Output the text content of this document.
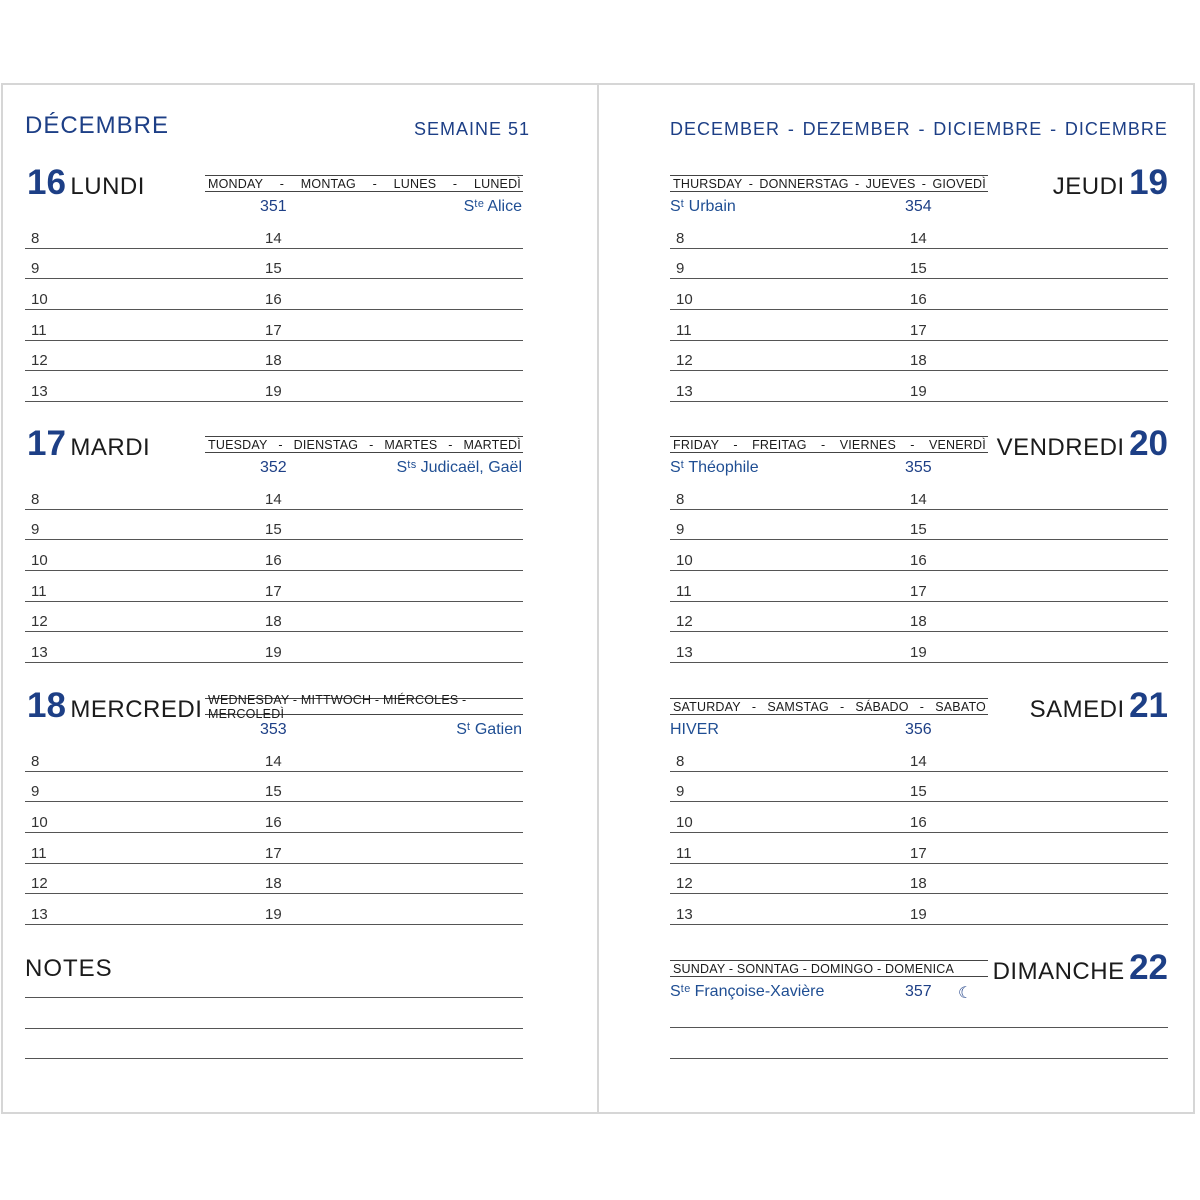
DÉCEMBRE	SEMAINE 51	DECEMBER - DEZEMBER - DICIEMBRE - DICEMBRE
16 LUNDI	MONDAY - MONTAG - LUNES - LUNEDÌ
351	Sᵗᵉ Alice
8	14
9	15
10	16
11	17
12	18
13	19
17 MARDI	TUESDAY - DIENSTAG - MARTES - MARTEDÌ
352	Sᵗˢ Judicaël, Gaël
8	14
9	15
10	16
11	17
12	18
13	19
18 MERCREDI WEDNESDAY - MITTWOCH - MIÉRCOLES - MERCOLEDÌ
353	Sᵗ Gatien
8	14
9	15
10	16
11	17
12	18
13	19
JEUDI 19
THURSDAY - DONNERSTAG - JUEVES - GIOVEDÌ
Sᵗ Urbain	354
8	14
9	15
10	16
11	17
12	18
13	19
VENDREDI 20
FRIDAY - FREITAG - VIERNES - VENERDÌ
Sᵗ Théophile	355
8	14
9	15
10	16
11	17
12	18
13	19
SAMEDI 21
SATURDAY - SAMSTAG - SÁBADO - SABATO
HIVER	356
8	14
9	15
10	16
11	17
12	18
13	19
DIMANCHE 22
SUNDAY - SONNTAG - DOMINGO - DOMENICA
Sᵗᵉ Françoise-Xavière	357 ☾
NOTES
